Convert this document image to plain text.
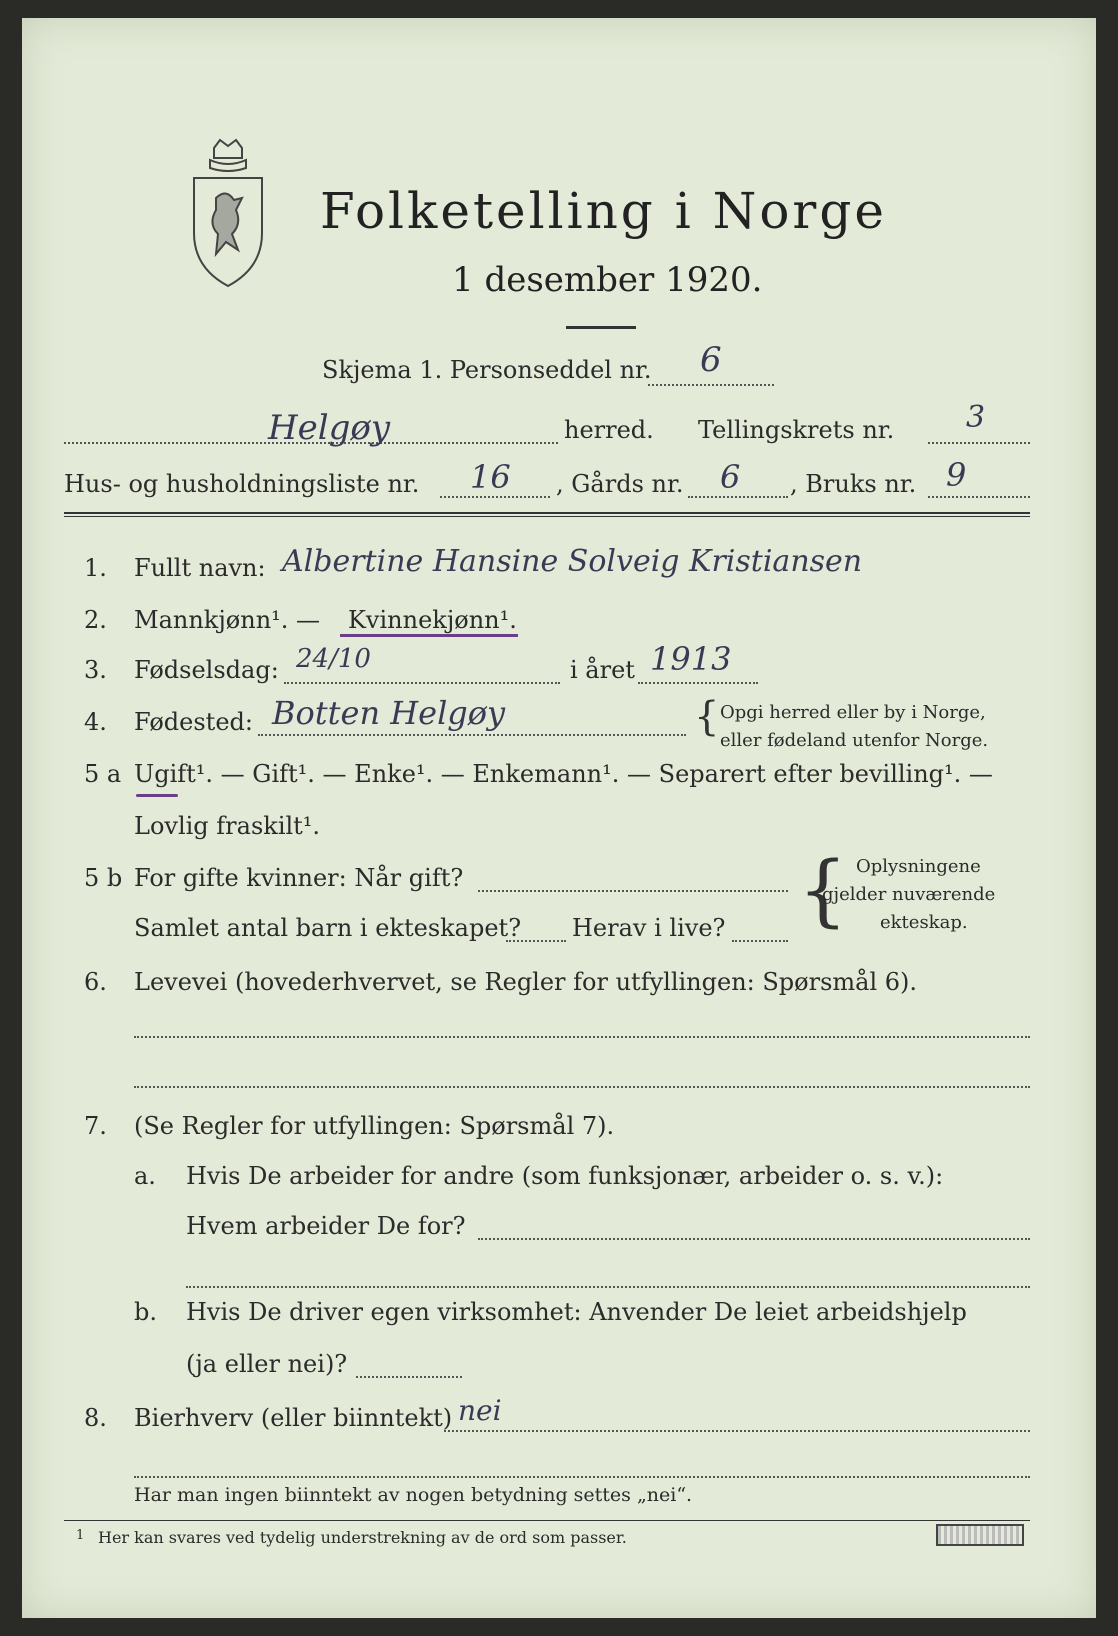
Folketelling i Norge
1 desember 1920.
Skjema 1. Personseddel nr. 6
Helgøy	herred. Tellingskrets nr. 3
Hus- og husholdningsliste nr. 16 , Gårds nr. 6 , Bruks nr. 9
1. Fullt navn: Albertine Hansine Solveig Kristiansen
2. Mannkjønn¹. — Kvinnekjønn¹.
3. Fødselsdag: 24/10	i året 1913
4. Fødested: Botten Helgøy	{ Opgi herred eller by i Norge,
eller fødeland utenfor Norge.
5 a Ugift¹. — Gift¹. — Enke¹. — Enkemann¹. — Separert efter bevilling¹. —
Lovlig fraskilt¹.
5 b For gifte kvinner: Når gift?
Samlet antal barn i ekteskapet? Herav i live? { Oplysningene
gjelder nuværende
ekteskap.
6. Levevei (hovederhvervet, se Regler for utfyllingen: Spørsmål 6).
7. (Se Regler for utfyllingen: Spørsmål 7).
a. Hvis De arbeider for andre (som funksjonær, arbeider o. s. v.):
Hvem arbeider De for?
b. Hvis De driver egen virksomhet: Anvender De leiet arbeidshjelp
(ja eller nei)?
8. Bierhverv (eller biinntekt) nei
Har man ingen biinntekt av nogen betydning settes „nei“.
1 Her kan svares ved tydelig understrekning av de ord som passer.
